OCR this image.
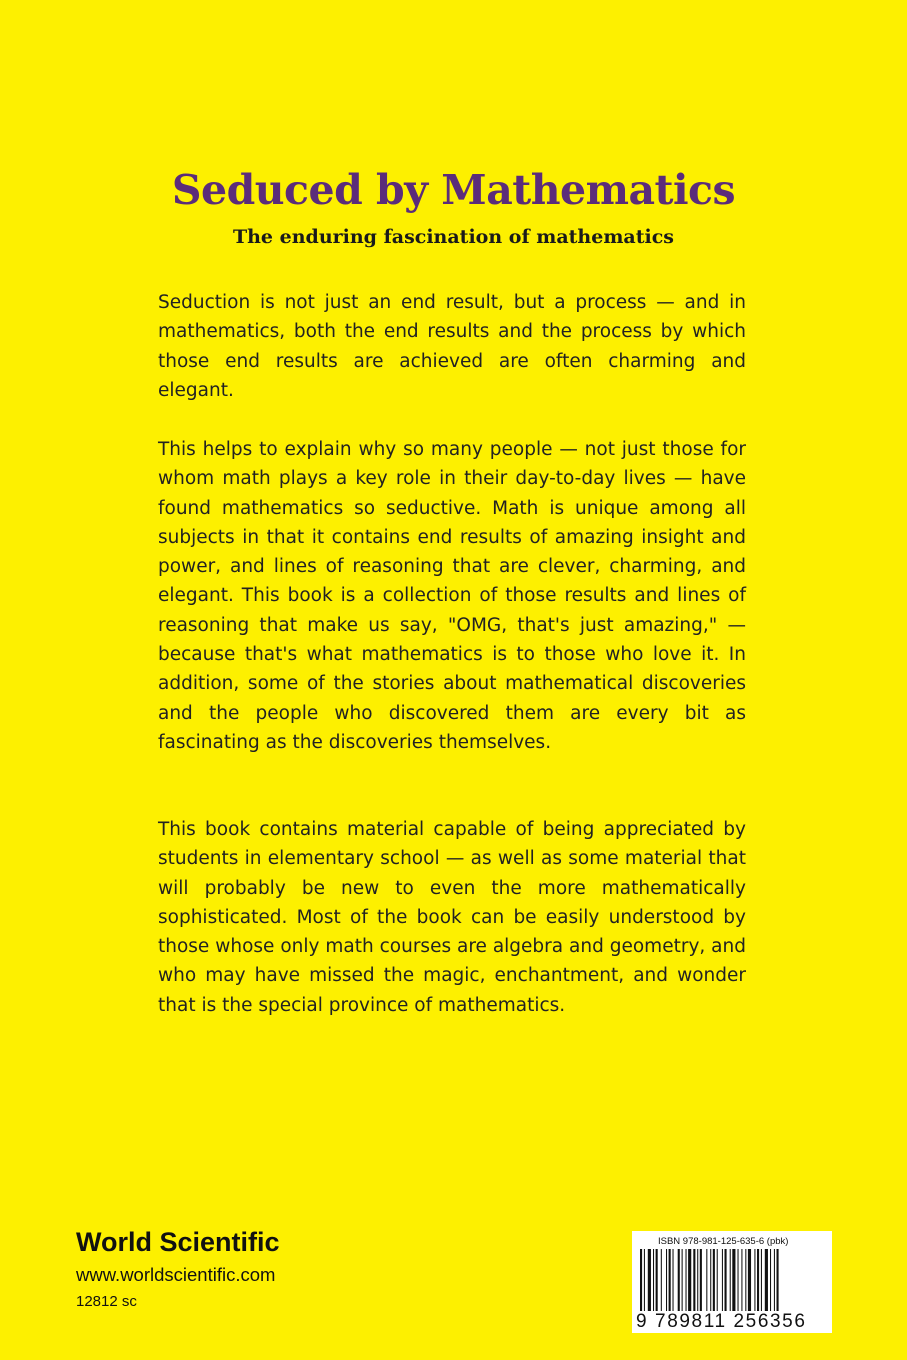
Seduced by Mathematics
The enduring fascination of mathematics

Seduction is not just an end result, but a process — and in mathematics, both the end results and the process by which those end results are achieved are often charming and elegant.

This helps to explain why so many people — not just those for whom math plays a key role in their day-to-day lives — have found mathematics so seductive. Math is unique among all subjects in that it contains end results of amazing insight and power, and lines of reasoning that are clever, charming, and elegant. This book is a collection of those results and lines of reasoning that make us say, "OMG, that's just amazing," — because that's what mathematics is to those who love it. In addition, some of the stories about mathematical discoveries and the people who discovered them are every bit as fascinating as the discoveries themselves.

This book contains material capable of being appreciated by students in elementary school — as well as some material that will probably be new to even the more mathematically sophisticated. Most of the book can be easily understood by those whose only math courses are algebra and geometry, and who may have missed the magic, enchantment, and wonder that is the special province of mathematics.

World Scientific
www.worldscientific.com
12812 sc
ISBN 978-981-125-635-6 (pbk)
9 789811 256356
